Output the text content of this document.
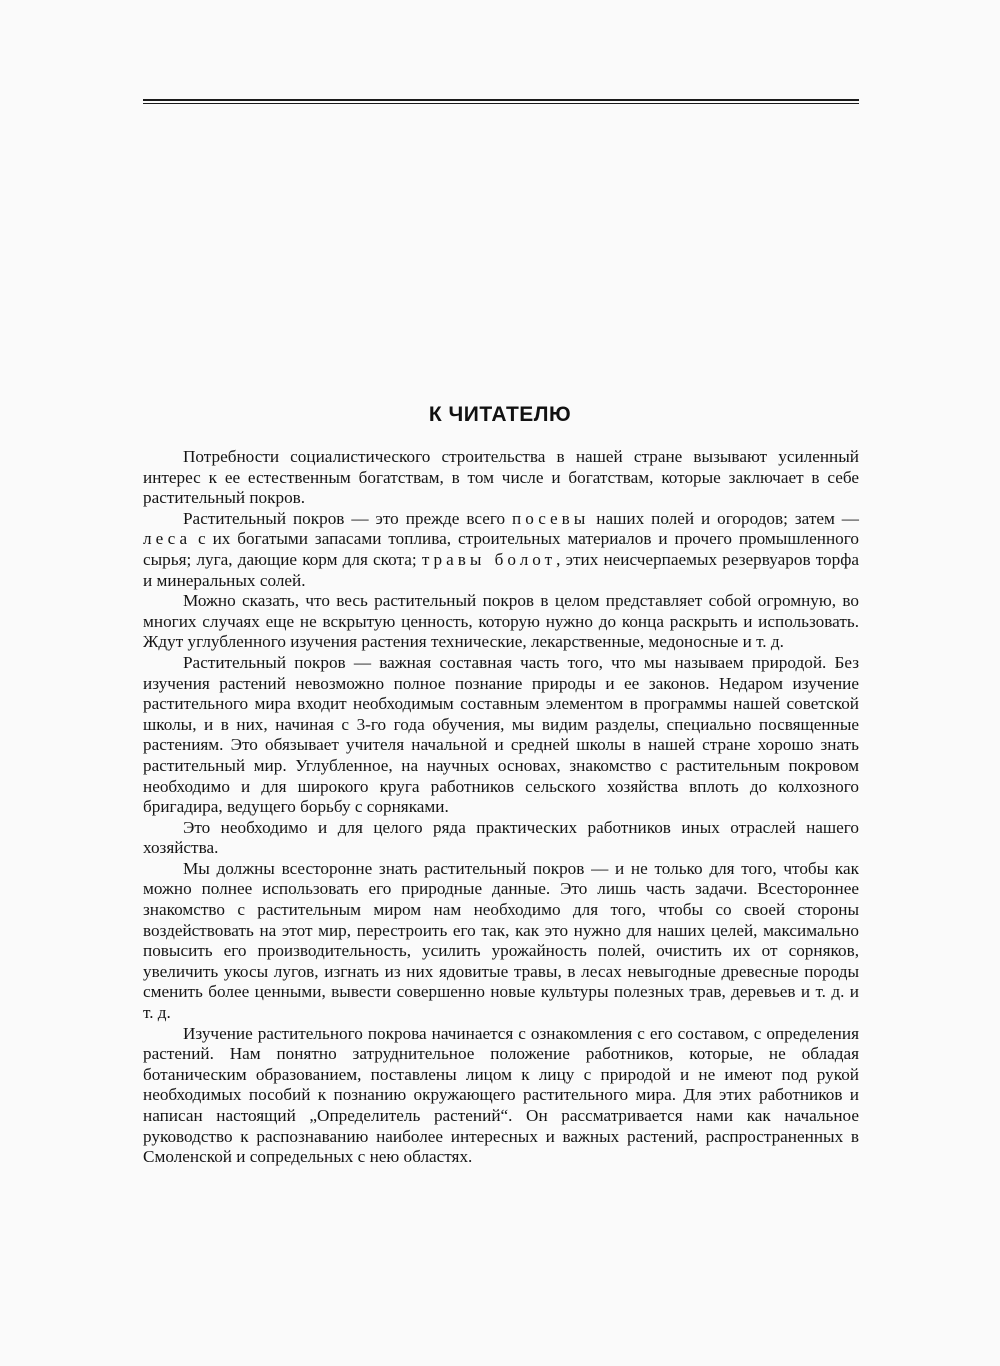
К ЧИТАТЕЛЮ

Потребности социалистического строительства в нашей стране вызывают усиленный интерес к ее естественным богатствам, в том числе и богатствам, которые заключает в себе растительный покров.

Растительный покров — это прежде всего посевы наших полей и огородов; затем — леса с их богатыми запасами топлива, строительных материалов и прочего промышленного сырья; луга, дающие корм для скота; травы болот, этих неисчерпаемых резервуаров торфа и минеральных солей.

Можно сказать, что весь растительный покров в целом представляет собой огромную, во многих случаях еще не вскрытую ценность, которую нужно до конца раскрыть и использовать. Ждут углубленного изучения растения технические, лекарственные, медоносные и т. д.

Растительный покров — важная составная часть того, что мы называем природой. Без изучения растений невозможно полное познание природы и ее законов. Недаром изучение растительного мира входит необходимым составным элементом в программы нашей советской школы, и в них, начиная с 3-го года обучения, мы видим разделы, специально посвященные растениям. Это обязывает учителя начальной и средней школы в нашей стране хорошо знать растительный мир. Углубленное, на научных основах, знакомство с растительным покровом необходимо и для широкого круга работников сельского хозяйства вплоть до колхозного бригадира, ведущего борьбу с сорняками.

Это необходимо и для целого ряда практических работников иных отраслей нашего хозяйства.

Мы должны всесторонне знать растительный покров — и не только для того, чтобы как можно полнее использовать его природные данные. Это лишь часть задачи. Всестороннее знакомство с растительным миром нам необходимо для того, чтобы со своей стороны воздействовать на этот мир, перестроить его так, как это нужно для наших целей, максимально повысить его производительность, усилить урожайность полей, очистить их от сорняков, увеличить укосы лугов, изгнать из них ядовитые травы, в лесах невыгодные древесные породы сменить более ценными, вывести совершенно новые культуры полезных трав, деревьев и т. д. и т. д.

Изучение растительного покрова начинается с ознакомления с его составом, с определения растений. Нам понятно затруднительное положение работников, которые, не обладая ботаническим образованием, поставлены лицом к лицу с природой и не имеют под рукой необходимых пособий к познанию окружающего растительного мира. Для этих работников и написан настоящий „Определитель растений“. Он рассматривается нами как начальное руководство к распознаванию наиболее интересных и важных растений, распространенных в Смоленской и сопредельных с нею областях.
